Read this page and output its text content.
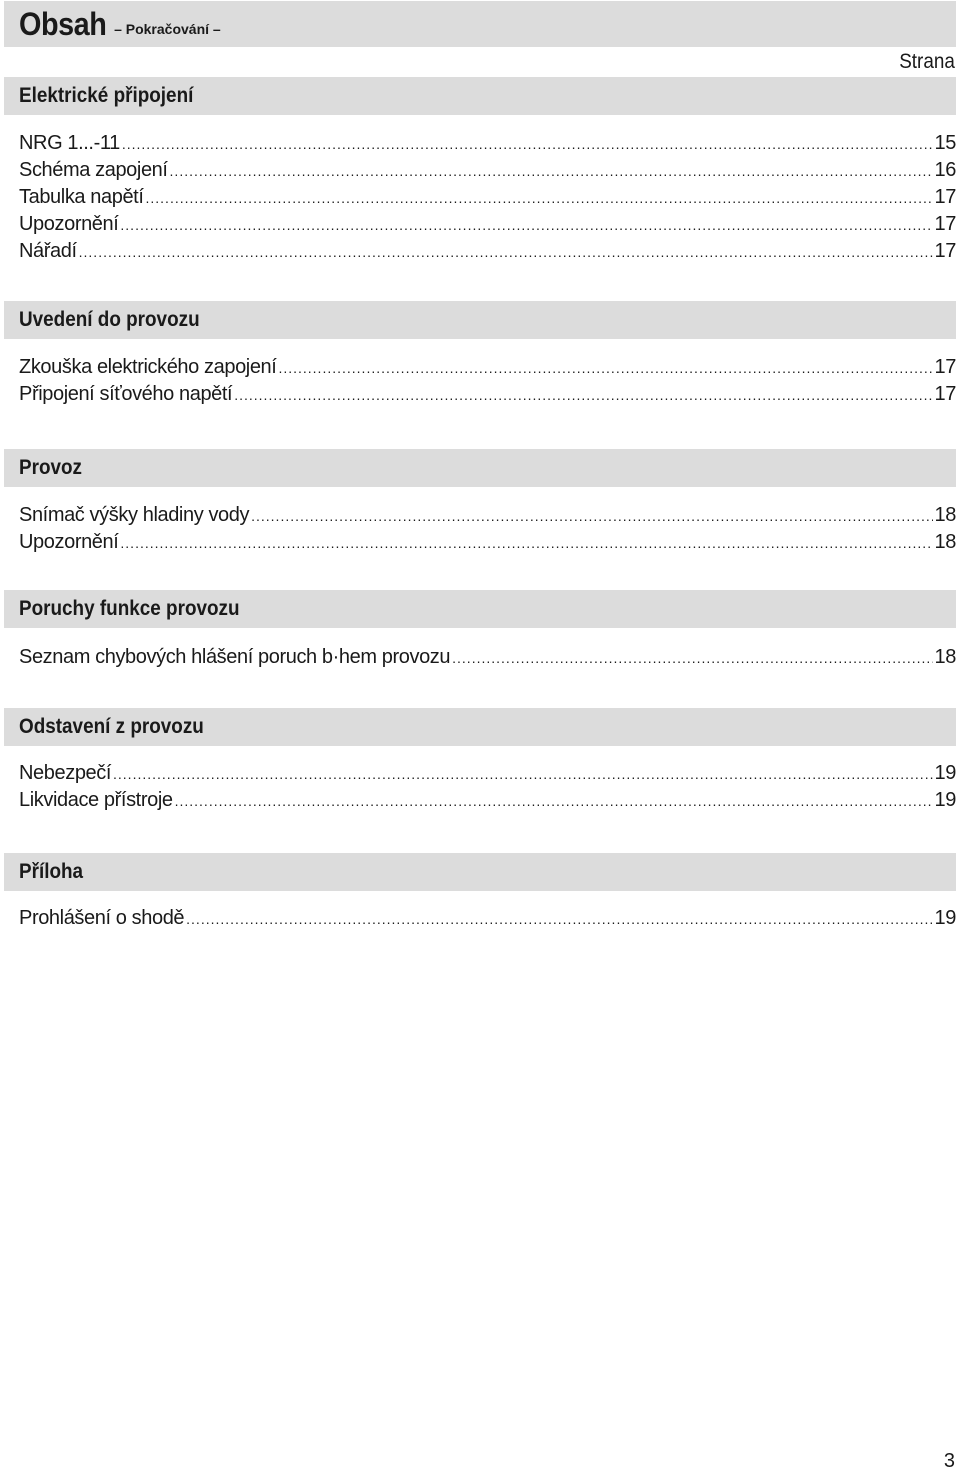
Obsah – Pokračování –
Strana
Elektrické připojení
NRG 1...-11 .....	15
Schéma zapojení .....	16
Tabulka napětí .....	17
Upozornění .....	17
Nářadí .....	17
Uvedení do provozu
Zkouška elektrického zapojení .....	17
Připojení síťového napětí .....	17
Provoz
Snímač výšky hladiny vody .....	18
Upozornění .....	18
Poruchy funkce provozu
Seznam chybových hlášení poruch b·hem provozu .....	18
Odstavení z provozu
Nebezpečí .....	19
Likvidace přístroje .....	19
Příloha
Prohlášení o shodě .....	19
3
